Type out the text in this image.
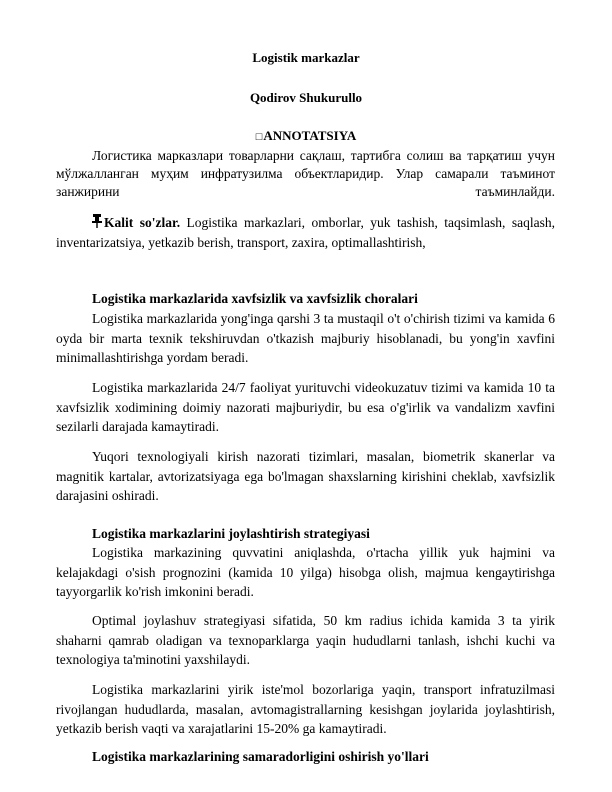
Logistik markazlar
Qodirov Shukurullo
□ANNOTATSIYA
Логистика марказлари товарларни сақлаш, тартибга солиш ва тарқатиш учун мўлжалланган муҳим инфратузилма объектларидир. Улар самарали таъминот занжирини таъминлайди.
Kalit so'zlar. Logistika markazlari, omborlar, yuk tashish, taqsimlash, saqlash, inventarizatsiya, yetkazib berish, transport, zaxira, optimallashtirish,
Logistika markazlarida xavfsizlik va xavfsizlik choralari
Logistika markazlarida yong'inga qarshi 3 ta mustaqil o't o'chirish tizimi va kamida 6 oyda bir marta texnik tekshiruvdan o'tkazish majburiy hisoblanadi, bu yong'in xavfini minimallashtirishga yordam beradi.
Logistika markazlarida 24/7 faoliyat yurituvchi videokuzatuv tizimi va kamida 10 ta xavfsizlik xodimining doimiy nazorati majburiydir, bu esa o'g'irlik va vandalizm xavfini sezilarli darajada kamaytiradi.
Yuqori texnologiyali kirish nazorati tizimlari, masalan, biometrik skanerlar va magnitik kartalar, avtorizatsiyaga ega bo'lmagan shaxslarning kirishini cheklab, xavfsizlik darajasini oshiradi.
Logistika markazlarini joylashtirish strategiyasi
Logistika markazining quvvatini aniqlashda, o'rtacha yillik yuk hajmini va kelajakdagi o'sish prognozini (kamida 10 yilga) hisobga olish, majmua kengaytirishga tayyorgarlik ko'rish imkonini beradi.
Optimal joylashuv strategiyasi sifatida, 50 km radius ichida kamida 3 ta yirik shaharni qamrab oladigan va texnoparklarga yaqin hududlarni tanlash, ishchi kuchi va texnologiya ta'minotini yaxshilaydi.
Logistika markazlarini yirik iste'mol bozorlariga yaqin, transport infratuzilmasi rivojlangan hududlarda, masalan, avtomagistrallarning kesishgan joylarida joylashtirish, yetkazib berish vaqti va xarajatlarini 15-20% ga kamaytiradi.
Logistika markazlarining samaradorligini oshirish yo'llari
